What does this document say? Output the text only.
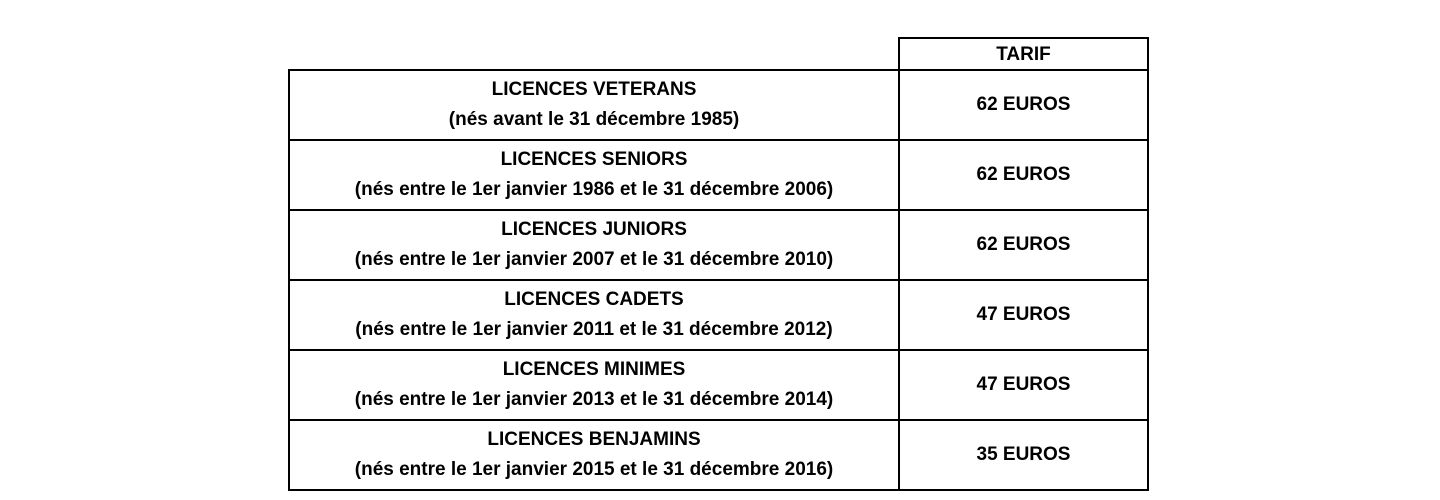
TARIF
LICENCES VETERANS
(nés avant le 31 décembre 1985)
62 EUROS
LICENCES SENIORS
(nés entre le 1er janvier 1986 et le 31 décembre 2006)
62 EUROS
LICENCES JUNIORS
(nés entre le 1er janvier 2007 et le 31 décembre 2010)
62 EUROS
LICENCES CADETS
(nés entre le 1er janvier 2011 et le 31 décembre 2012)
47 EUROS
LICENCES MINIMES
(nés entre le 1er janvier 2013 et le 31 décembre 2014)
47 EUROS
LICENCES BENJAMINS
(nés entre le 1er janvier 2015 et le 31 décembre 2016)
35 EUROS
